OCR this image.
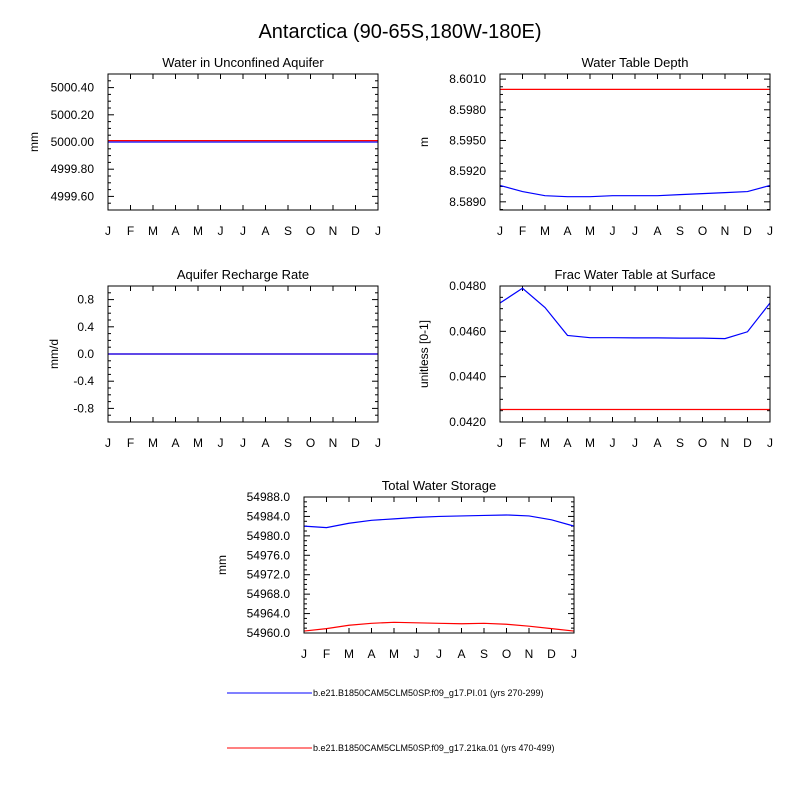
Antarctica (90-65S,180W-180E)
Water in Unconfined Aquifer
mm
J F M A M J J A S O N D J
4999.60
4999.80
5000.00
5000.20
5000.40
Water Table Depth
m
J F M A M J J A S O N D J
8.5890
8.5920
8.5950
8.5980
8.6010
Aquifer Recharge Rate
mm/d
J F M A M J J A S O N D J
-0.8
-0.4
0.0
0.4
0.8
Frac Water Table at Surface
unitless [0-1]
J F M A M J J A S O N D J
0.0420
0.0440
0.0460
0.0480
Total Water Storage
mm
J F M A M J J A S O N D J
54960.0
54964.0
54968.0
54972.0
54976.0
54980.0
54984.0
54988.0
b.e21.B1850CAM5CLM50SP.f09_g17.PI.01 (yrs 270-299)
b.e21.B1850CAM5CLM50SP.f09_g17.21ka.01 (yrs 470-499)
